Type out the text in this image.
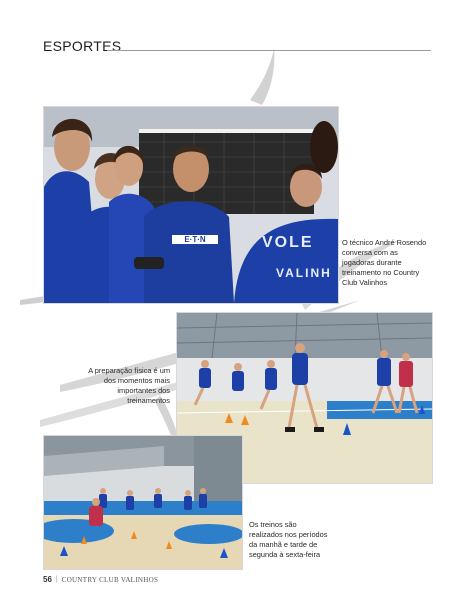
ESPORTES
E·T·N	VOLE
VALINH
O técnico André Rosendo conversa com as jogadoras durante treinamento no Country Club Valinhos
A preparação física é um dos momentos mais importantes dos treinamentos
Os treinos são realizados nos períodos da manhã e tarde de segunda à sexta-feira
56 | COUNTRY CLUB VALINHOS
